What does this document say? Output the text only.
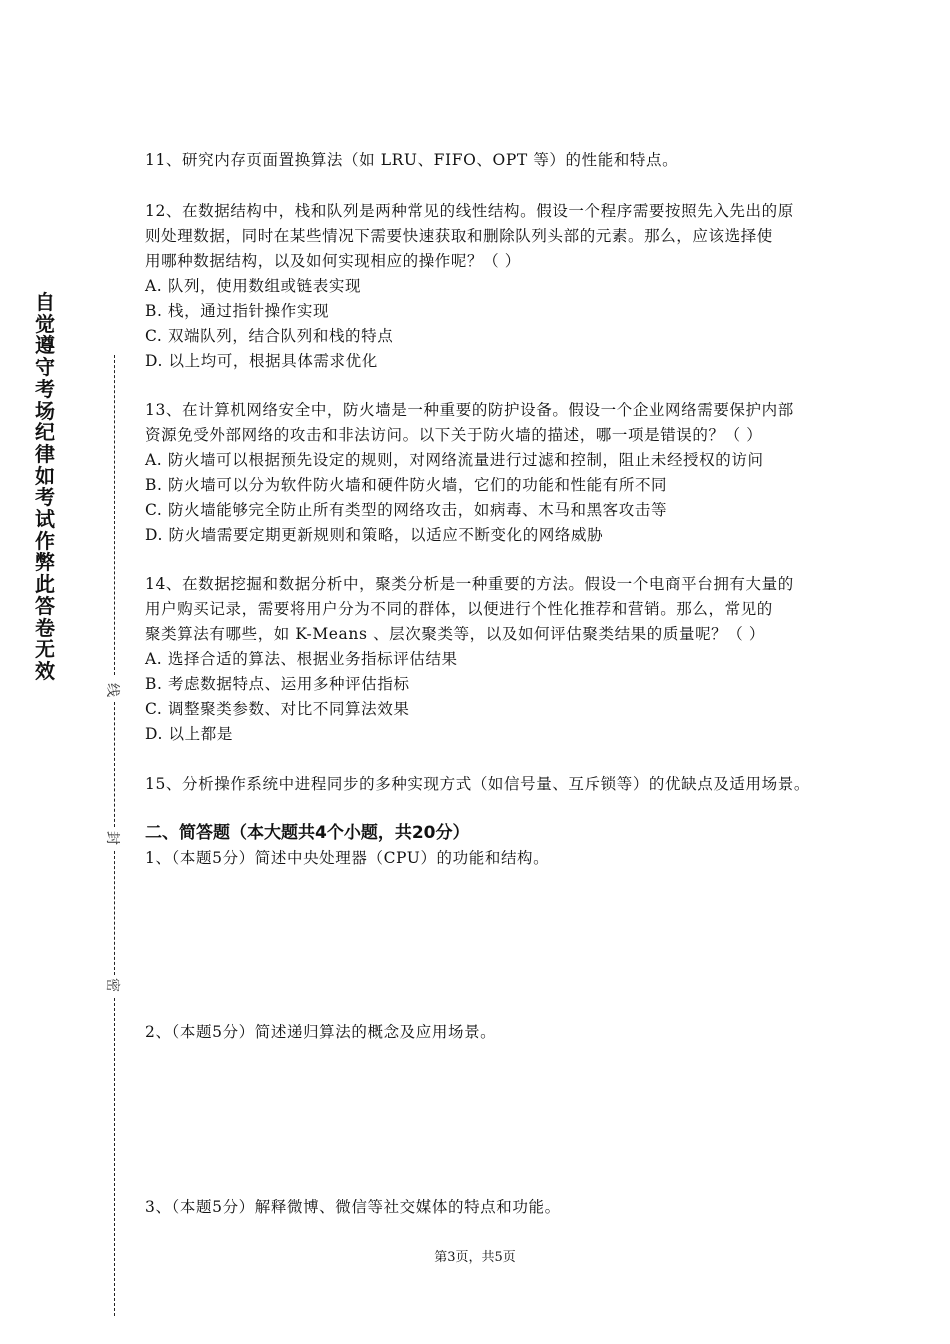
自觉遵守考场纪律如考试作弊此答卷无效
线
封
密
11、研究内存页面置换算法（如 LRU、FIFO、OPT 等）的性能和特点。
12、在数据结构中，栈和队列是两种常见的线性结构。假设一个程序需要按照先入先出的原
则处理数据，同时在某些情况下需要快速获取和删除队列头部的元素。那么，应该选择使
用哪种数据结构，以及如何实现相应的操作呢？（ ）
A. 队列，使用数组或链表实现
B. 栈，通过指针操作实现
C. 双端队列，结合队列和栈的特点
D. 以上均可，根据具体需求优化
13、在计算机网络安全中，防火墙是一种重要的防护设备。假设一个企业网络需要保护内部
资源免受外部网络的攻击和非法访问。以下关于防火墙的描述，哪一项是错误的？（ ）
A. 防火墙可以根据预先设定的规则，对网络流量进行过滤和控制，阻止未经授权的访问
B. 防火墙可以分为软件防火墙和硬件防火墙，它们的功能和性能有所不同
C. 防火墙能够完全防止所有类型的网络攻击，如病毒、木马和黑客攻击等
D. 防火墙需要定期更新规则和策略，以适应不断变化的网络威胁
14、在数据挖掘和数据分析中，聚类分析是一种重要的方法。假设一个电商平台拥有大量的
用户购买记录，需要将用户分为不同的群体，以便进行个性化推荐和营销。那么，常见的
聚类算法有哪些，如 K-Means 、层次聚类等，以及如何评估聚类结果的质量呢？（ ）
A. 选择合适的算法、根据业务指标评估结果
B. 考虑数据特点、运用多种评估指标
C. 调整聚类参数、对比不同算法效果
D. 以上都是
15、分析操作系统中进程同步的多种实现方式（如信号量、互斥锁等）的优缺点及适用场景。
二、简答题（本大题共4个小题，共20分）
1、（本题5分）简述中央处理器（CPU）的功能和结构。
2、（本题5分）简述递归算法的概念及应用场景。
3、（本题5分）解释微博、微信等社交媒体的特点和功能。
第3页，共5页
